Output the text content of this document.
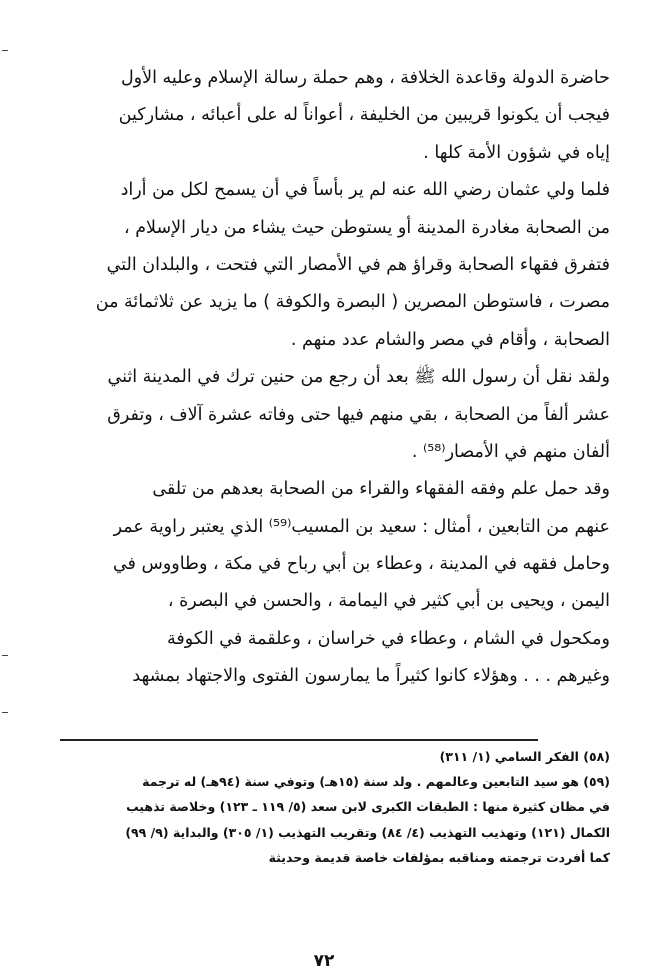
حاضرة الدولة وقاعدة الخلافة ، وهم حملة رسالة الإسلام وعليه الأول
فيجب أن يكونوا قريبين من الخليفة ، أعواناً له على أعبائه ، مشاركين
إياه في شؤون الأمة كلها .
فلما ولي عثمان رضي الله عنه لم ير بأساً في أن يسمح لكل من أراد
من الصحابة مغادرة المدينة أو يستوطن حيث يشاء من ديار الإسلام ،
فتفرق فقهاء الصحابة وقراؤ هم في الأمصار التي فتحت ، والبلدان التي
مصرت ، فاستوطن المصرين ( البصرة والكوفة ) ما يزيد عن ثلاثمائة من
الصحابة ، وأقام في مصر والشام عدد منهم .
ولقد نقل أن رسول الله ﷺ بعد أن رجع من حنين ترك في المدينة اثني
عشر ألفاً من الصحابة ، بقي منهم فيها حتى وفاته عشرة آلاف ، وتفرق
ألفان منهم في الأمصار⁽⁵⁸⁾ .
وقد حمل علم وفقه الفقهاء والقراء من الصحابة بعدهم من تلقى
عنهم من التابعين ، أمثال : سعيد بن المسيب⁽⁵⁹⁾ الذي يعتبر راوية عمر
وحامل فقهه في المدينة ، وعطاء بن أبي رباح في مكة ، وطاووس في
اليمن ، ويحيى بن أبي كثير في اليمامة ، والحسن في البصرة ،
ومكحول في الشام ، وعطاء في خراسان ، وعلقمة في الكوفة
وغيرهم . . . وهؤلاء كانوا كثيراً ما يمارسون الفتوى والاجتهاد بمشهد
(٥٨) الفكر السامي (١/ ٣١١)
(٥٩) هو سيد التابعين وعالمهم . ولد سنة (١٥هـ) وتوفي سنة (٩٤هـ) له ترجمة
في مظان كثيرة منها : الطبقات الكبرى لابن سعد (٥/ ١١٩ ـ ١٢٣) وخلاصة تذهيب
الكمال (١٢١) وتهذيب التهذيب (٤/ ٨٤) وتقريب التهذيب (١/ ٣٠٥) والبداية (٩/ ٩٩)
كما أفردت ترجمته ومناقبه بمؤلفات خاصة قديمة وحديثة
٧٢
